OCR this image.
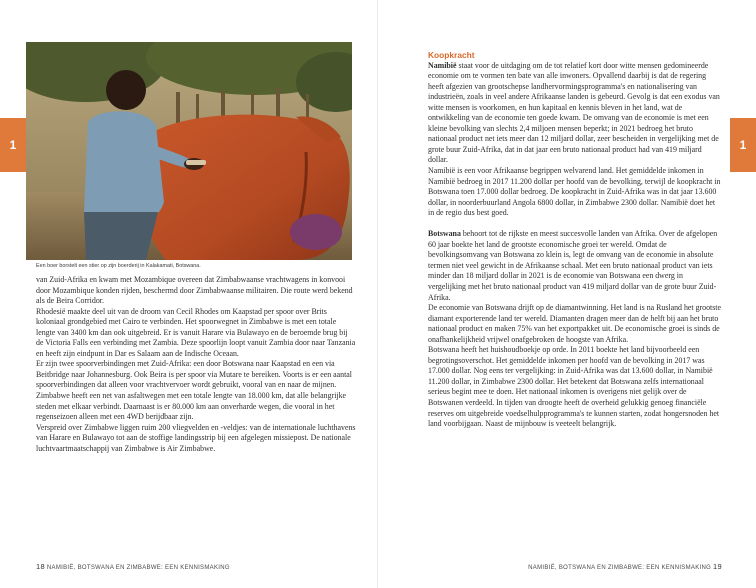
1	1
Een boer borstelt een stier op zijn boerderij in Kalakamati, Botswana.

van Zuid-Afrika en kwam met Mozambique overeen dat Zimbabwaanse vrachtwagens in konvooi door Mozambique konden rijden, beschermd door Zimbabwaanse militairen. Die route werd bekend als de Beira Corridor.

Rhodesië maakte deel uit van de droom van Cecil Rhodes om Kaapstad per spoor over Brits koloniaal grondgebied met Cairo te verbinden. Het spoorwegnet in Zimbabwe is met een totale lengte van 3400 km dan ook uitgebreid. Er is vanuit Harare via Bulawayo en de beroemde brug bij de Victoria Falls een verbinding met Zambia. Deze spoorlijn loopt vanuit Zambia door naar Tanzania en heeft zijn eindpunt in Dar es Salaam aan de Indische Oceaan.

Er zijn twee spoorverbindingen met Zuid-Afrika: een door Botswana naar Kaapstad en een via Beitbridge naar Johannesburg. Ook Beira is per spoor via Mutare te bereiken. Voorts is er een aantal spoorverbindingen dat alleen voor vrachtvervoer wordt gebruikt, vooral van en naar de mijnen. Zimbabwe heeft een net van asfaltwegen met een totale lengte van 18.000 km, dat alle belangrijke steden met elkaar verbindt. Daarnaast is er 80.000 km aan onverharde wegen, die vooral in het regenseizoen alleen met een 4WD berijdbaar zijn.

Verspreid over Zimbabwe liggen ruim 200 vliegvelden en -veldjes: van de internationale luchthavens van Harare en Bulawayo tot aan de stoffige landingsstrip bij een afgelegen missiepost. De nationale luchtvaartmaatschappij van Zimbabwe is Air Zimbabwe.

18 NAMIBIË, BOTSWANA EN ZIMBABWE: EEN KENNISMAKING
Koopkracht

Namibië staat voor de uitdaging om de tot relatief kort door witte mensen gedomineerde economie om te vormen ten bate van alle inwoners. Opvallend daarbij is dat de regering heeft afgezien van grootschepse landhervormingsprogramma's en nationalisering van industrieën, zoals in veel andere Afrikaanse landen is gebeurd. Gevolg is dat een exodus van witte mensen is voorkomen, en hun kapitaal en kennis bleven in het land, wat de ontwikkeling van de economie ten goede kwam. De omvang van de economie is met een kleine bevolking van slechts 2,4 miljoen mensen beperkt; in 2021 bedroeg het bruto nationaal product net iets meer dan 12 miljard dollar, zeer bescheiden in vergelijking met de grote buur Zuid-Afrika, dat in dat jaar een bruto nationaal product had van 419 miljard dollar.

Namibië is een voor Afrikaanse begrippen welvarend land. Het gemiddelde inkomen in Namibië bedroeg in 2017 11.200 dollar per hoofd van de bevolking, terwijl de koopkracht in Botswana toen 17.000 dollar bedroeg. De koopkracht in Zuid-Afrika was in dat jaar 13.600 dollar, in noorderbuurland Angola 6800 dollar, in Zimbabwe 2300 dollar. Namibië doet het in de regio dus best goed.

Botswana behoort tot de rijkste en meest succesvolle landen van Afrika. Over de afgelopen 60 jaar boekte het land de grootste economische groei ter wereld. Omdat de bevolkingsomvang van Botswana zo klein is, legt de omvang van de economie in absolute termen niet veel gewicht in de Afrikaanse schaal. Met een bruto nationaal product van iets minder dan 18 miljard dollar in 2021 is de economie van Botswana een dwerg in vergelijking met het bruto nationaal product van 419 miljard dollar van de grote buur Zuid-Afrika.

De economie van Botswana drijft op de diamantwinning. Het land is na Rusland het grootste diamant exporterende land ter wereld. Diamanten dragen meer dan de helft bij aan het bruto nationaal product en maken 75% van het exportpakket uit. De economische groei is sinds de onafhankelijkheid vrijwel onafgebroken de hoogste van Afrika.

Botswana heeft het huishoudboekje op orde. In 2011 boekte het land bijvoorbeeld een begrotingsoverschot. Het gemiddelde inkomen per hoofd van de bevolking in 2017 was 17.000 dollar. Nog eens ter vergelijking: in Zuid-Afrika was dat 13.600 dollar, in Namibië 11.200 dollar, in Zimbabwe 2300 dollar. Het betekent dat Botswana zelfs internationaal serieus begint mee te doen. Het nationaal inkomen is overigens niet gelijk over de Botswanen verdeeld. In tijden van droogte heeft de overheid gelukkig genoeg financiële reserves om uitgebreide voedselhulpprogramma's te kunnen starten, zodat hongersnoden het land voorbijgaan. Naast de mijnbouw is veeteelt belangrijk.

NAMIBIË, BOTSWANA EN ZIMBABWE: EEN KENNISMAKING 19
